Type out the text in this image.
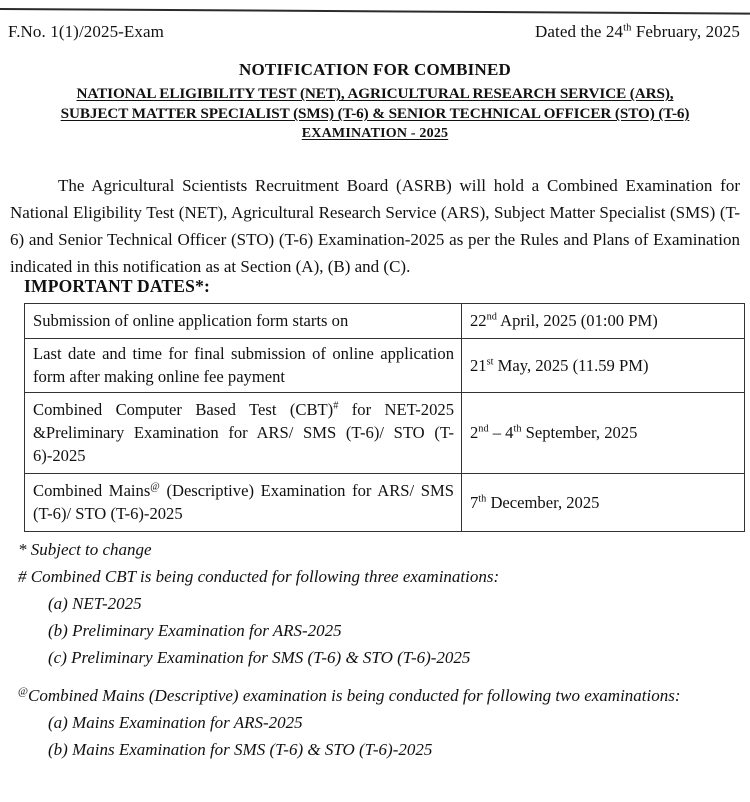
F.No. 1(1)/2025-Exam	Dated the 24th February, 2025
NOTIFICATION FOR COMBINED
NATIONAL ELIGIBILITY TEST (NET), AGRICULTURAL RESEARCH SERVICE (ARS),
SUBJECT MATTER SPECIALIST (SMS) (T-6) & SENIOR TECHNICAL OFFICER (STO) (T-6)
EXAMINATION - 2025
The Agricultural Scientists Recruitment Board (ASRB) will hold a Combined Examination for National Eligibility Test (NET), Agricultural Research Service (ARS), Subject Matter Specialist (SMS) (T-6) and Senior Technical Officer (STO) (T-6) Examination-2025 as per the Rules and Plans of Examination indicated in this notification as at Section (A), (B) and (C).
IMPORTANT DATES*:
Submission of online application form starts on	22nd April, 2025 (01:00 PM)
Last date and time for final submission of online application form after making online fee payment	21st May, 2025 (11.59 PM)
Combined Computer Based Test (CBT)# for NET-2025 &Preliminary Examination for ARS/ SMS (T-6)/ STO (T-6)-2025	2nd – 4th September, 2025
Combined Mains@ (Descriptive) Examination for ARS/ SMS (T-6)/ STO (T-6)-2025	7th December, 2025
* Subject to change
# Combined CBT is being conducted for following three examinations:
(a) NET-2025
(b) Preliminary Examination for ARS-2025
(c) Preliminary Examination for SMS (T-6) & STO (T-6)-2025
@Combined Mains (Descriptive) examination is being conducted for following two examinations:
(a) Mains Examination for ARS-2025
(b) Mains Examination for SMS (T-6) & STO (T-6)-2025
